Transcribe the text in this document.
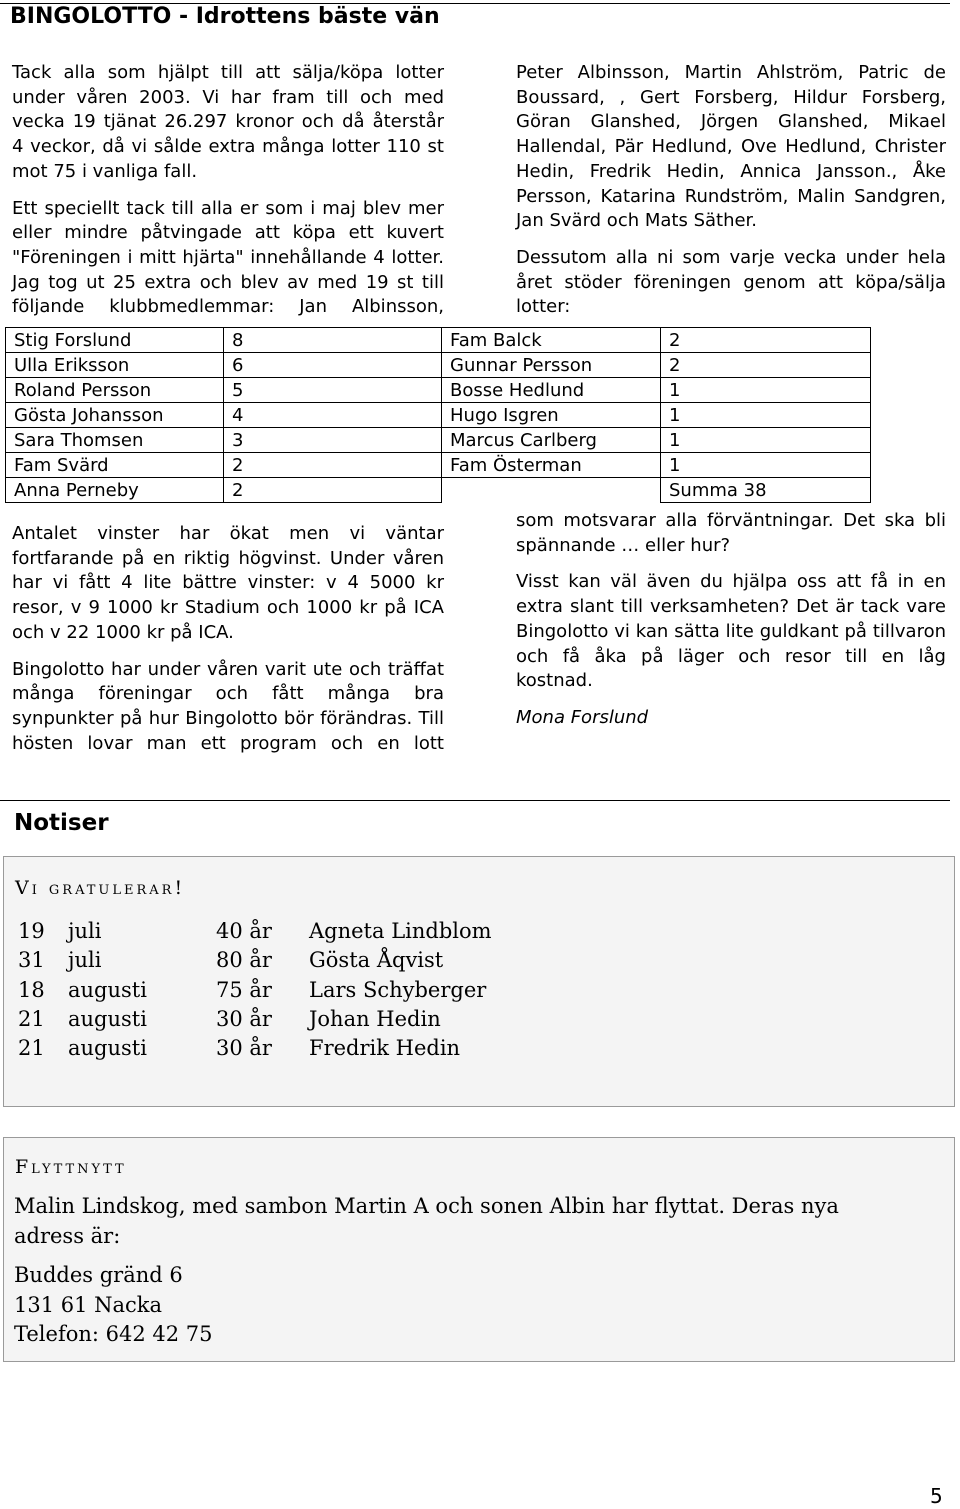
BINGOLOTTO - Idrottens bäste vän

Tack alla som hjälpt till att sälja/köpa lotter under våren 2003. Vi har fram till och med vecka 19 tjänat 26.297 kronor och då återstår 4 veckor, då vi sålde extra många lotter 110 st mot 75 i vanliga fall.

Ett speciellt tack till alla er som i maj blev mer eller mindre påtvingade att köpa ett kuvert "Föreningen i mitt hjärta" innehållande 4 lotter. Jag tog ut 25 extra och blev av med 19 st till följande klubbmedlemmar: Jan Albinsson,

Peter Albinsson, Martin Ahlström, Patric de Boussard, , Gert Forsberg, Hildur Forsberg, Göran Glanshed, Jörgen Glanshed, Mikael Hallendal, Pär Hedlund, Ove Hedlund, Christer Hedin, Fredrik Hedin, Annica Jansson., Åke Persson, Katarina Rundström, Malin Sandgren, Jan Svärd och Mats Säther.

Dessutom alla ni som varje vecka under hela året stöder föreningen genom att köpa/sälja lotter:

Stig Forslund	8	Fam Balck	2
Ulla Eriksson	6	Gunnar Persson	2
Roland Persson	5	Bosse Hedlund	1
Gösta Johansson	4	Hugo Isgren	1
Sara Thomsen	3	Marcus Carlberg	1
Fam Svärd	2	Fam Österman	1
Anna Perneby	2		Summa 38

Antalet vinster har ökat men vi väntar fortfarande på en riktig högvinst. Under våren har vi fått 4 lite bättre vinster: v 4 5000 kr resor, v 9 1000 kr Stadium och 1000 kr på ICA och v 22 1000 kr på ICA.

Bingolotto har under våren varit ute och träffat många föreningar och fått många bra synpunkter på hur Bingolotto bör förändras. Till hösten lovar man ett program och en lott

som motsvarar alla förväntningar. Det ska bli spännande … eller hur?

Visst kan väl även du hjälpa oss att få in en extra slant till verksamheten? Det är tack vare Bingolotto vi kan sätta lite guldkant på tillvaron och få åka på läger och resor till en låg kostnad.

Mona Forslund

Notiser
Vi gratulerar!
19 juli	40 år Agneta Lindblom
31 juli	80 år Gösta Åqvist
18 augusti	75 år Lars Schyberger
21 augusti	30 år Johan Hedin
21 augusti	30 år Fredrik Hedin
Flyttnytt
Malin Lindskog, med sambon Martin A och sonen Albin har flyttat. Deras nya adress är:
Buddes gränd 6
131 61 Nacka
Telefon: 642 42 75
5
